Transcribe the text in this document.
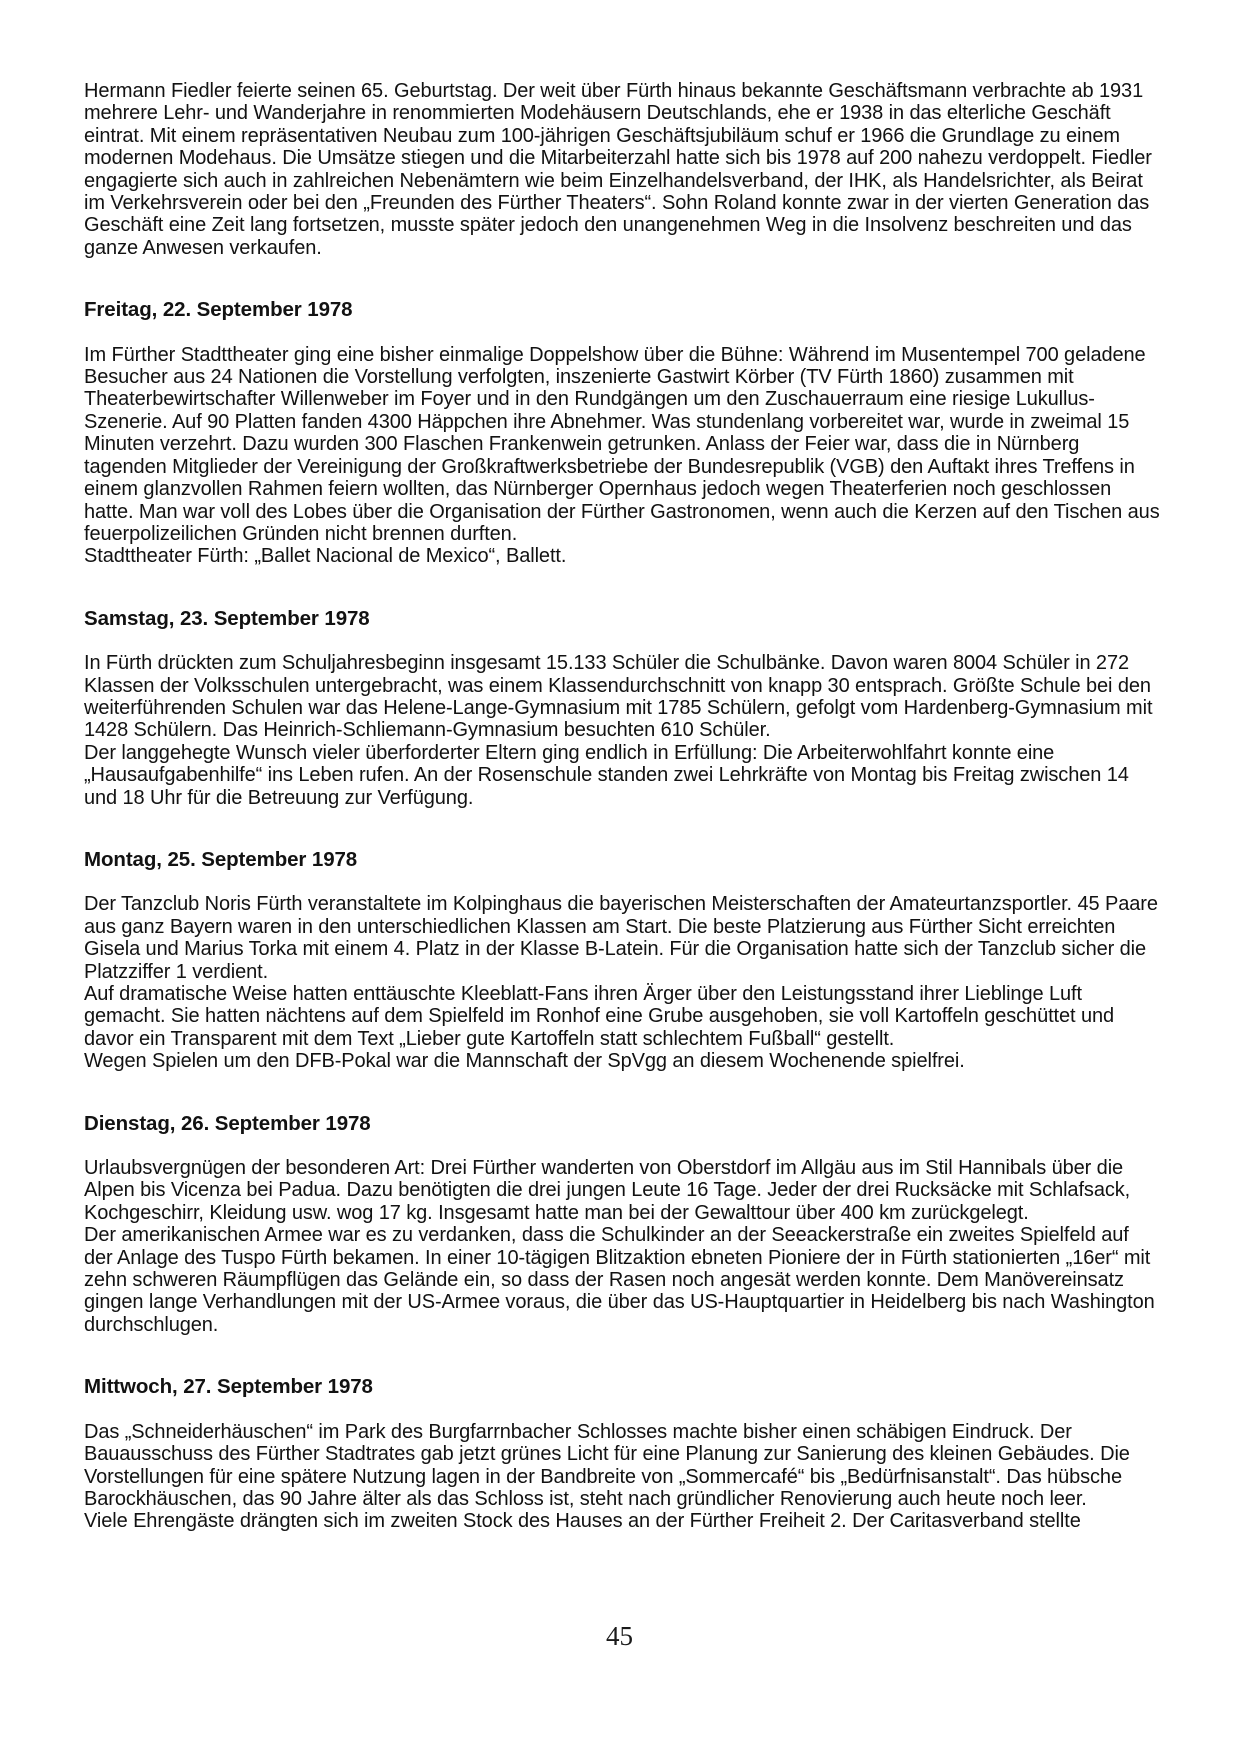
Hermann Fiedler feierte seinen 65. Geburtstag. Der weit über Fürth hinaus bekannte Geschäftsmann verbrachte ab 1931 mehrere Lehr- und Wanderjahre in renommierten Modehäusern Deutschlands, ehe er 1938 in das elterliche Geschäft eintrat. Mit einem repräsentativen Neubau zum 100-jährigen Geschäftsjubiläum schuf er 1966 die Grundlage zu einem modernen Modehaus. Die Umsätze stiegen und die Mitarbeiterzahl hatte sich bis 1978 auf 200 nahezu verdoppelt. Fiedler engagierte sich auch in zahlreichen Nebenämtern wie beim Einzelhandelsverband, der IHK, als Handelsrichter, als Beirat im Verkehrsverein oder bei den „Freunden des Fürther Theaters“. Sohn Roland konnte zwar in der vierten Generation das Geschäft eine Zeit lang fortsetzen, musste später jedoch den unangenehmen Weg in die Insolvenz beschreiten und das ganze Anwesen verkaufen.

Freitag, 22. September 1978

Im Fürther Stadttheater ging eine bisher einmalige Doppelshow über die Bühne: Während im Musentempel 700 geladene Besucher aus 24 Nationen die Vorstellung verfolgten, inszenierte Gastwirt Körber (TV Fürth 1860) zusammen mit Theaterbewirtschafter Willenweber im Foyer und in den Rundgängen um den Zuschauerraum eine riesige Lukullus-Szenerie. Auf 90 Platten fanden 4300 Häppchen ihre Abnehmer. Was stundenlang vorbereitet war, wurde in zweimal 15 Minuten verzehrt. Dazu wurden 300 Flaschen Frankenwein getrunken. Anlass der Feier war, dass die in Nürnberg tagenden Mitglieder der Vereinigung der Großkraftwerksbetriebe der Bundesrepublik (VGB) den Auftakt ihres Treffens in einem glanzvollen Rahmen feiern wollten, das Nürnberger Opernhaus jedoch wegen Theaterferien noch geschlossen hatte. Man war voll des Lobes über die Organisation der Fürther Gastronomen, wenn auch die Kerzen auf den Tischen aus feuerpolizeilichen Gründen nicht brennen durften.

Stadttheater Fürth: „Ballet Nacional de Mexico“, Ballett.

Samstag, 23. September 1978

In Fürth drückten zum Schuljahresbeginn insgesamt 15.133 Schüler die Schulbänke. Davon waren 8004 Schüler in 272 Klassen der Volksschulen untergebracht, was einem Klassendurchschnitt von knapp 30 entsprach. Größte Schule bei den weiterführenden Schulen war das Helene-Lange-Gymnasium mit 1785 Schülern, gefolgt vom Hardenberg-Gymnasium mit 1428 Schülern. Das Heinrich-Schliemann-Gymnasium besuchten 610 Schüler.

Der langgehegte Wunsch vieler überforderter Eltern ging endlich in Erfüllung: Die Arbeiterwohlfahrt konnte eine „Hausaufgabenhilfe“ ins Leben rufen. An der Rosenschule standen zwei Lehrkräfte von Montag bis Freitag zwischen 14 und 18 Uhr für die Betreuung zur Verfügung.

Montag, 25. September 1978

Der Tanzclub Noris Fürth veranstaltete im Kolpinghaus die bayerischen Meisterschaften der Amateurtanzsportler. 45 Paare aus ganz Bayern waren in den unterschiedlichen Klassen am Start. Die beste Platzierung aus Fürther Sicht erreichten Gisela und Marius Torka mit einem 4. Platz in der Klasse B-Latein. Für die Organisation hatte sich der Tanzclub sicher die Platzziffer 1 verdient.

Auf dramatische Weise hatten enttäuschte Kleeblatt-Fans ihren Ärger über den Leistungsstand ihrer Lieblinge Luft gemacht. Sie hatten nächtens auf dem Spielfeld im Ronhof eine Grube ausgehoben, sie voll Kartoffeln geschüttet und davor ein Transparent mit dem Text „Lieber gute Kartoffeln statt schlechtem Fußball“ gestellt.

Wegen Spielen um den DFB-Pokal war die Mannschaft der SpVgg an diesem Wochenende spielfrei.

Dienstag, 26. September 1978

Urlaubsvergnügen der besonderen Art: Drei Fürther wanderten von Oberstdorf im Allgäu aus im Stil Hannibals über die Alpen bis Vicenza bei Padua. Dazu benötigten die drei jungen Leute 16 Tage. Jeder der drei Rucksäcke mit Schlafsack, Kochgeschirr, Kleidung usw. wog 17 kg. Insgesamt hatte man bei der Gewalttour über 400 km zurückgelegt.

Der amerikanischen Armee war es zu verdanken, dass die Schulkinder an der Seeackerstraße ein zweites Spielfeld auf der Anlage des Tuspo Fürth bekamen. In einer 10-tägigen Blitzaktion ebneten Pioniere der in Fürth stationierten „16er“ mit zehn schweren Räumpflügen das Gelände ein, so dass der Rasen noch angesät werden konnte. Dem Manövereinsatz gingen lange Verhandlungen mit der US-Armee voraus, die über das US-Hauptquartier in Heidelberg bis nach Washington durchschlugen.

Mittwoch, 27. September 1978

Das „Schneiderhäuschen“ im Park des Burgfarrnbacher Schlosses machte bisher einen schäbigen Eindruck. Der Bauausschuss des Fürther Stadtrates gab jetzt grünes Licht für eine Planung zur Sanierung des kleinen Gebäudes. Die Vorstellungen für eine spätere Nutzung lagen in der Bandbreite von „Sommercafé“ bis „Bedürfnisanstalt“. Das hübsche Barockhäuschen, das 90 Jahre älter als das Schloss ist, steht nach gründlicher Renovierung auch heute noch leer.

Viele Ehrengäste drängten sich im zweiten Stock des Hauses an der Fürther Freiheit 2. Der Caritasverband stellte

45
